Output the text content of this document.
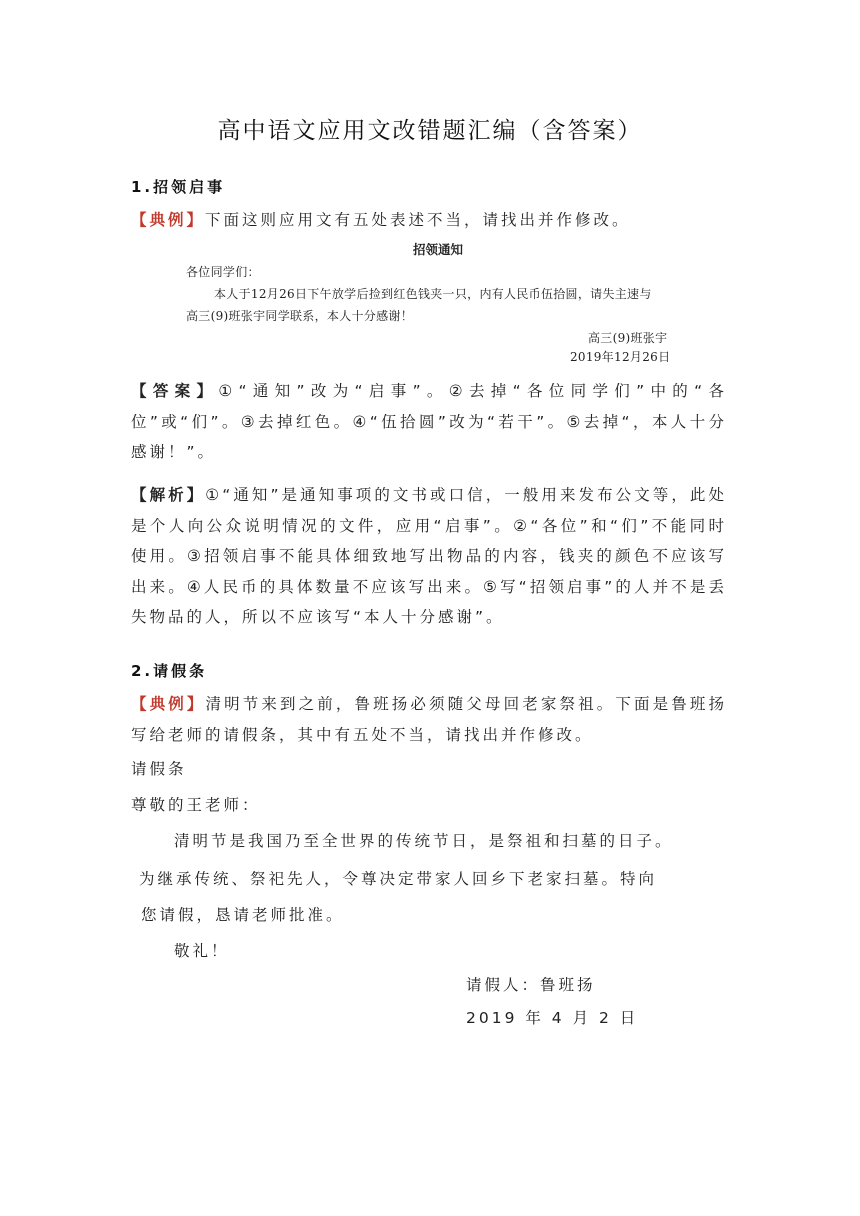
高中语文应用文改错题汇编（含答案）
1.招领启事
【典例】下面这则应用文有五处表述不当，请找出并作修改。
招领通知
各位同学们：
本人于12月26日下午放学后捡到红色钱夹一只，内有人民币伍拾圆，请失主速与
高三(9)班张宇同学联系，本人十分感谢！
高三(9)班张宇
2019年12月26日
【答案】①“通知”改为“启事”。②去掉“各位同学们”中的“各位”或“们”。③去掉红色。④“伍拾圆”改为“若干”。⑤去掉“，本人十分感谢！”。
【解析】①“通知”是通知事项的文书或口信，一般用来发布公文等，此处是个人向公众说明情况的文件，应用“启事”。②“各位”和“们”不能同时使用。③招领启事不能具体细致地写出物品的内容，钱夹的颜色不应该写出来。④人民币的具体数量不应该写出来。⑤写“招领启事”的人并不是丢失物品的人，所以不应该写“本人十分感谢”。
2.请假条
【典例】清明节来到之前，鲁班扬必须随父母回老家祭祖。下面是鲁班扬写给老师的请假条，其中有五处不当，请找出并作修改。
请假条
尊敬的王老师：
清明节是我国乃至全世界的传统节日，是祭祖和扫墓的日子。
为继承传统、祭祀先人，令尊决定带家人回乡下老家扫墓。特向
您请假，恳请老师批准。
敬礼！
请假人：鲁班扬
2019 年 4 月 2 日
